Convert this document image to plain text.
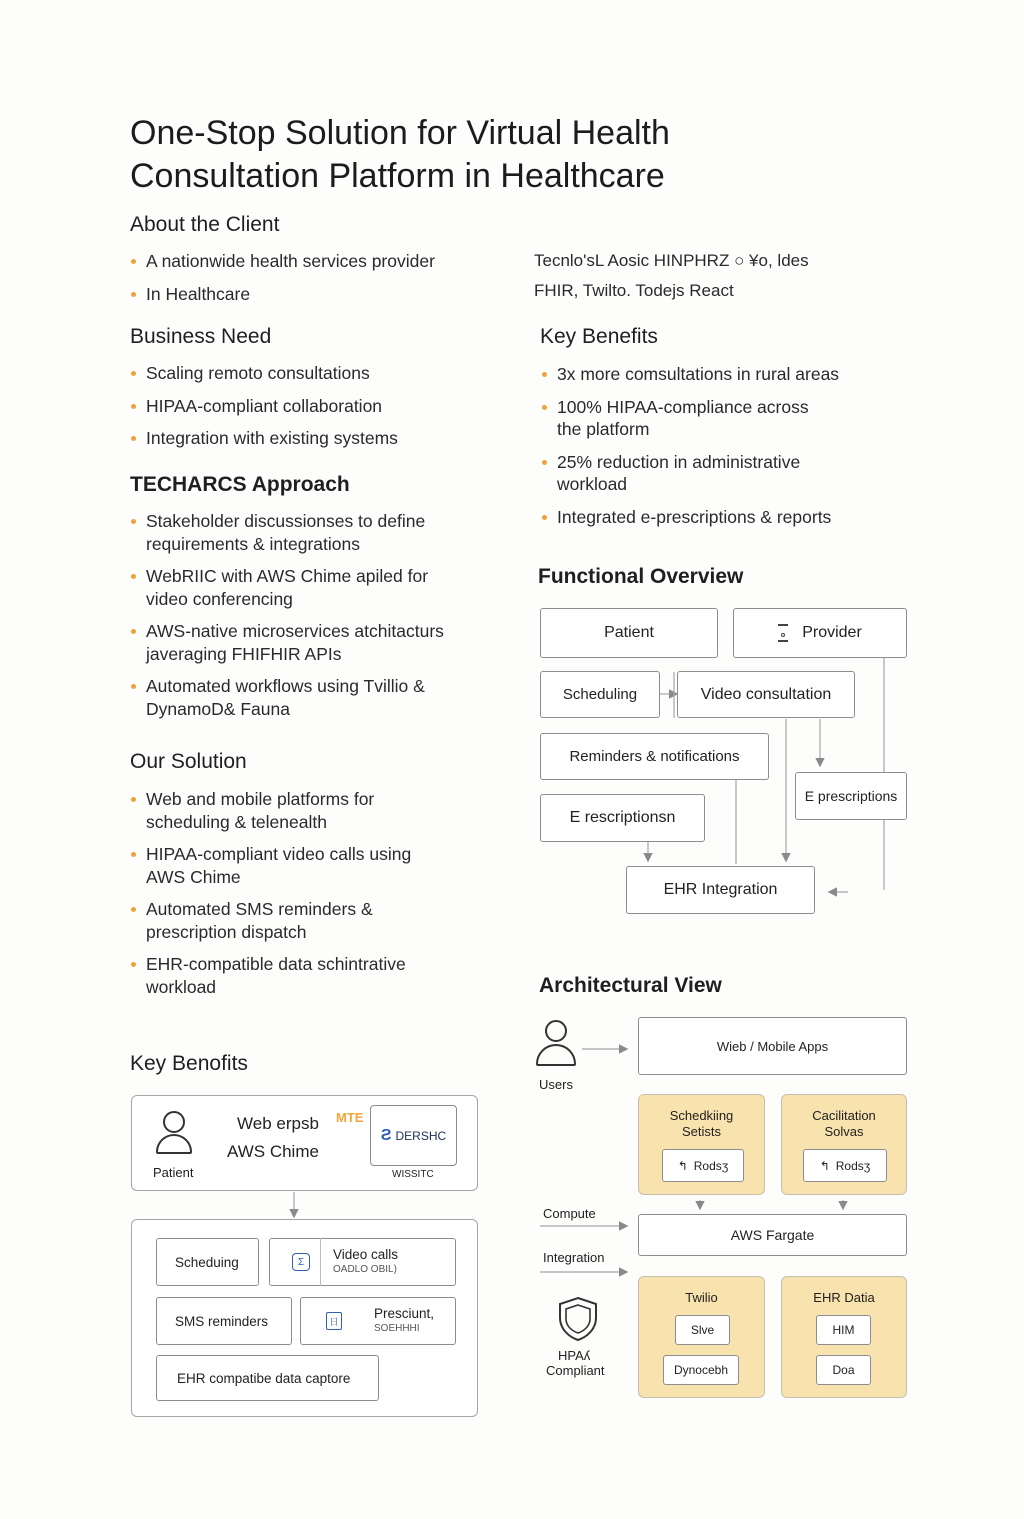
One-Stop Solution for Virtual Health
Consultation Platform in Healthcare
About the Client
A nationwide health services provider
In Healthcare
Tecnlo'sL Aosic HINPHRZ ○ ¥ο, ldes
FHIR, Twilto. Todejs React
Business Need
Scaling remoto consultations
HIPAA-compliant collaboration
Integration with existing systems
Key Benefits
3x more comsultations in rural areas
100% HIPAA-compliance across the platform
25% reduction in administrative workload
Integrated e-prescriptions & reports
TECHARCS Approach
Stakeholder discussionses to define requirements & integrations
WebRIIC with AWS Chime apiled for video conferencing
AWS-native microservices atchitacturs javeraging FHIFHIR APIs
Automated workflows using Tvillio & DynamoD& Fauna
Our Solution
Web and mobile platforms for scheduling & telenealth
HIPAA-compliant video calls using AWS Chime
Automated SMS reminders & prescription dispatch
EHR-compatible data schintrative workload
Functional Overview
Patient	Provider
Scheduling	Video consultation
Reminders & notifications
E prescriptions
E rescriptionsn
EHR Integration
Architectural View
Users
Wieb / Mobile Apps
Schedkiing
Setists
↰ Rodsʒ
Cacilitation
Solvas
↰ Rodsʒ
Compute
Integration
AWS Fargate
Twilio
Slve
Dynocebh
EHR Datia
HIM
Doa
HPAʎ
Compliant
Key Benofits
Patient
Web erpsb MTE
AWS Chime
Ƨ DERSHC
WISSITC
Scheduing	Σ	Video calls
OADLO OBIL)
SMS reminders	日
Presciunt,
SOEHHHI
EHR compatibe data captore
